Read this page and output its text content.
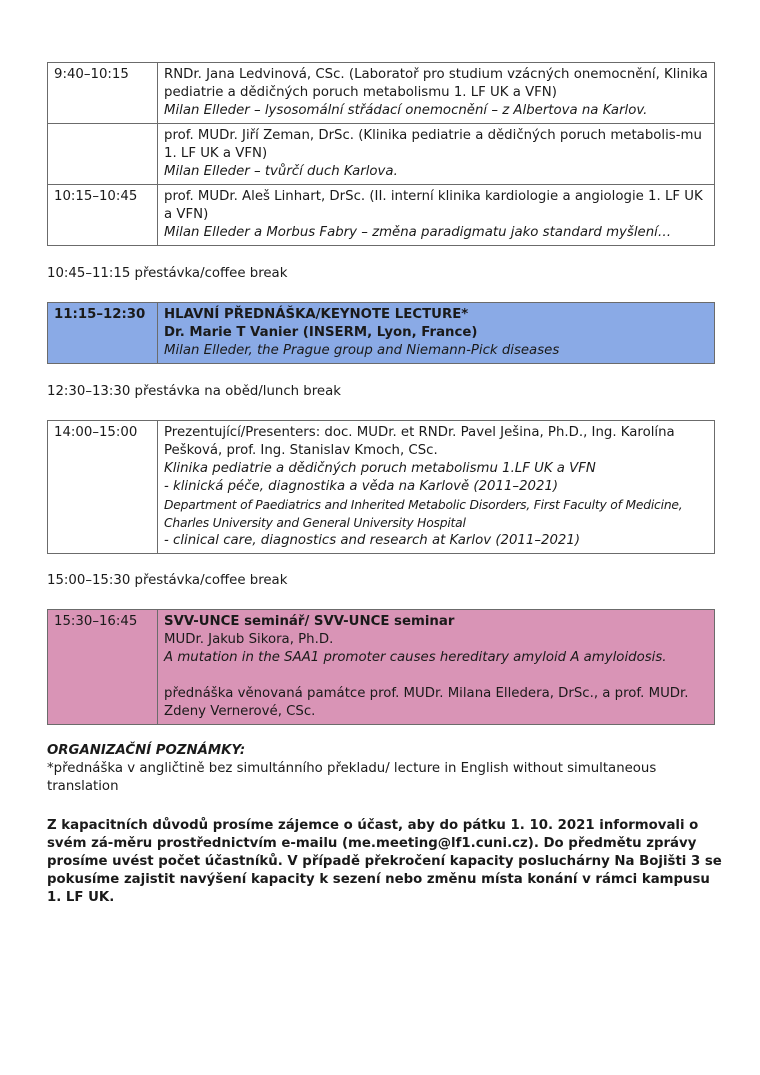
9:40–10:15	RNDr. Jana Ledvinová, CSc. (Laboratoř pro studium vzácných onemocnění, Klinika pediatrie a dědičných poruch metabolismu 1. LF UK a VFN)
Milan Elleder – lysosomální střádací onemocnění – z Albertova na Karlov.

	prof. MUDr. Jiří Zeman, DrSc. (Klinika pediatrie a dědičných poruch metabolis-mu 1. LF UK a VFN)
Milan Elleder – tvůrčí duch Karlova.

10:15–10:45	prof. MUDr. Aleš Linhart, DrSc. (II. interní klinika kardiologie a angiologie 1. LF UK a VFN)
Milan Elleder a Morbus Fabry – změna paradigmatu jako standard myšlení…
10:45–11:15 přestávka/coffee break
11:15–12:30	HLAVNÍ PŘEDNÁŠKA/KEYNOTE LECTURE*
Dr. Marie T Vanier (INSERM, Lyon, France)
Milan Elleder, the Prague group and Niemann-Pick diseases
12:30–13:30 přestávka na oběd/lunch break
14:00–15:00	Prezentující/Presenters: doc. MUDr. et RNDr. Pavel Ješina, Ph.D., Ing. Karolína Pešková, prof. Ing. Stanislav Kmoch, CSc.
Klinika pediatrie a dědičných poruch metabolismu 1.LF UK a VFN
- klinická péče, diagnostika a věda na Karlově (2011–2021)
Department of Paediatrics and Inherited Metabolic Disorders, First Faculty of Medicine, Charles University and General University Hospital
- clinical care, diagnostics and research at Karlov (2011–2021)
15:00–15:30 přestávka/coffee break
15:30–16:45	SVV-UNCE seminář/ SVV-UNCE seminar
MUDr. Jakub Sikora, Ph.D.
A mutation in the SAA1 promoter causes hereditary amyloid A amyloidosis.
přednáška věnovaná památce prof. MUDr. Milana Elledera, DrSc., a prof. MUDr. Zdeny Vernerové, CSc.
ORGANIZAČNÍ POZNÁMKY:
*přednáška v angličtině bez simultánního překladu/ lecture in English without simultaneous translation
Z kapacitních důvodů prosíme zájemce o účast, aby do pátku 1. 10. 2021 informovali o svém zá-měru prostřednictvím e-mailu (me.meeting@lf1.cuni.cz). Do předmětu zprávy prosíme uvést počet účastníků. V případě překročení kapacity posluchárny Na Bojišti 3 se pokusíme zajistit navýšení kapacity k sezení nebo změnu místa konání v rámci kampusu 1. LF UK.
